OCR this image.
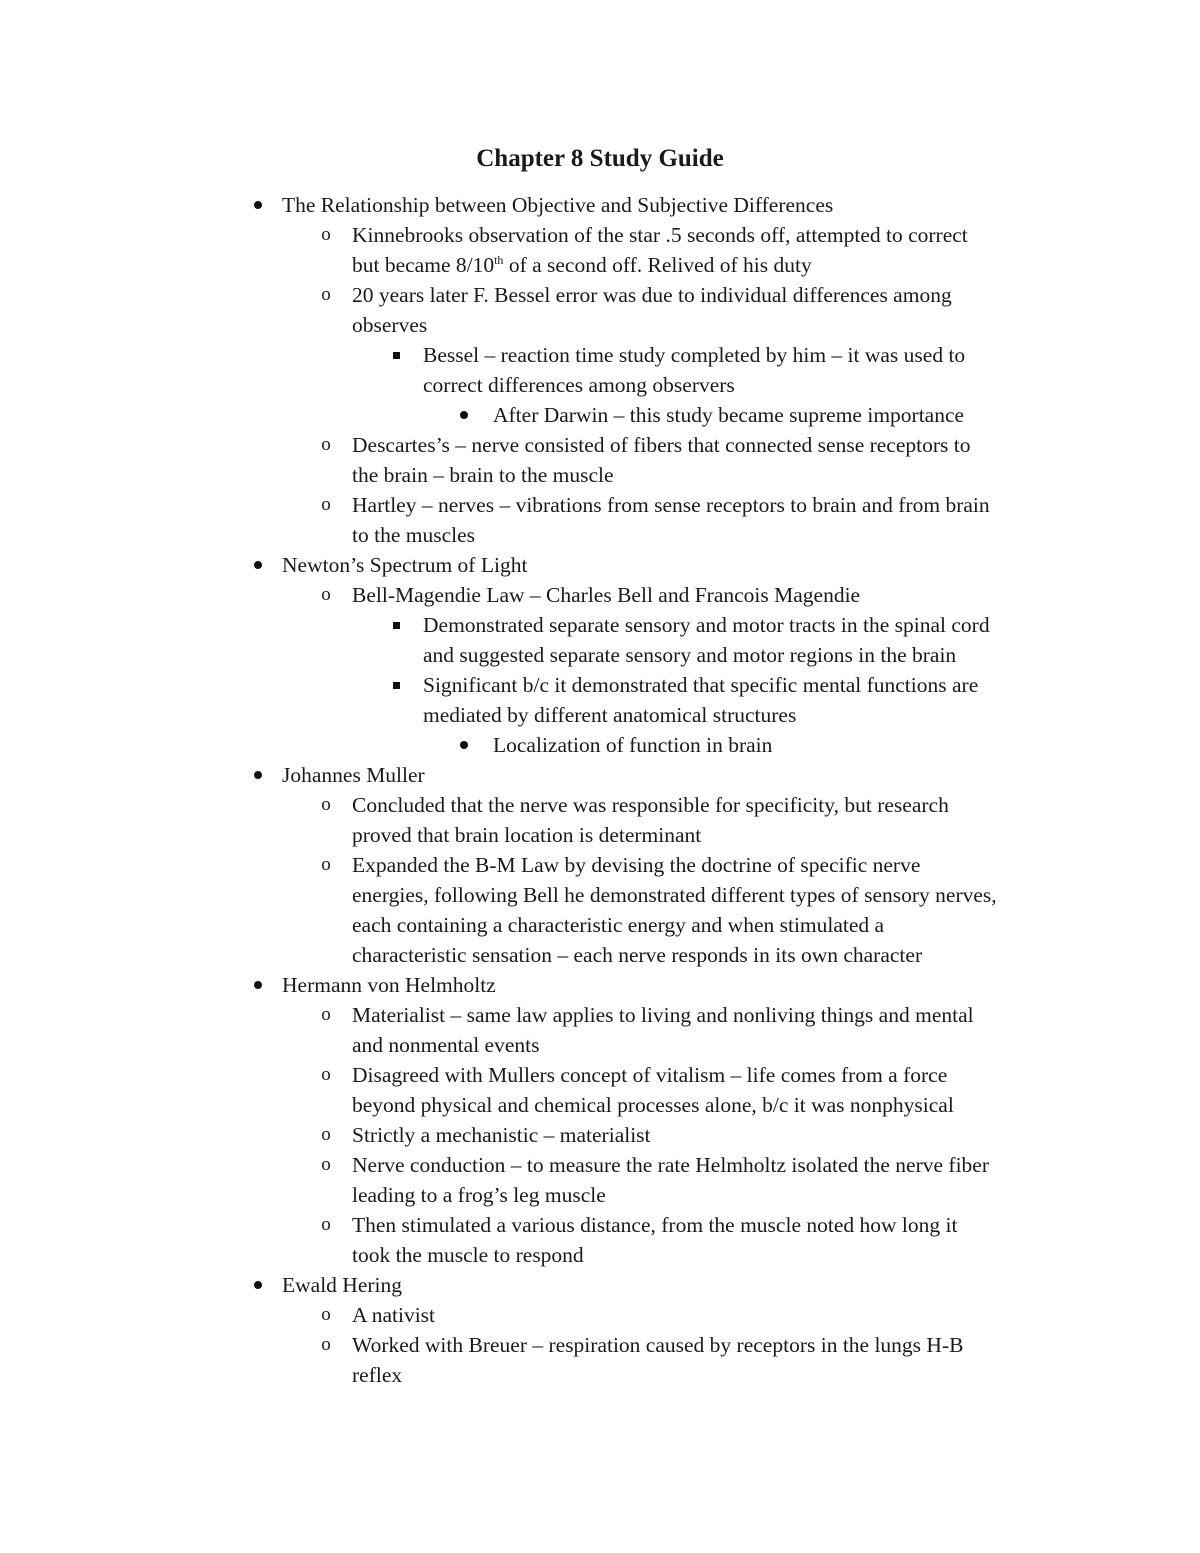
Chapter 8 Study Guide
The Relationship between Objective and Subjective Differences
o Kinnebrooks observation of the star .5 seconds off, attempted to correct
but became 8/10th of a second off. Relived of his duty
o 20 years later F. Bessel error was due to individual differences among
observes
Bessel – reaction time study completed by him – it was used to
correct differences among observers
After Darwin – this study became supreme importance
o Descartes’s – nerve consisted of fibers that connected sense receptors to
the brain – brain to the muscle
o Hartley – nerves – vibrations from sense receptors to brain and from brain
to the muscles
Newton’s Spectrum of Light
o Bell-Magendie Law – Charles Bell and Francois Magendie
Demonstrated separate sensory and motor tracts in the spinal cord
and suggested separate sensory and motor regions in the brain
Significant b/c it demonstrated that specific mental functions are
mediated by different anatomical structures
Localization of function in brain
Johannes Muller
o Concluded that the nerve was responsible for specificity, but research
proved that brain location is determinant
o Expanded the B-M Law by devising the doctrine of specific nerve
energies, following Bell he demonstrated different types of sensory nerves,
each containing a characteristic energy and when stimulated a
characteristic sensation – each nerve responds in its own character
Hermann von Helmholtz
o Materialist – same law applies to living and nonliving things and mental
and nonmental events
o Disagreed with Mullers concept of vitalism – life comes from a force
beyond physical and chemical processes alone, b/c it was nonphysical
o Strictly a mechanistic – materialist
o Nerve conduction – to measure the rate Helmholtz isolated the nerve fiber
leading to a frog’s leg muscle
o Then stimulated a various distance, from the muscle noted how long it
took the muscle to respond
Ewald Hering
o A nativist
o Worked with Breuer – respiration caused by receptors in the lungs H-B
reflex
